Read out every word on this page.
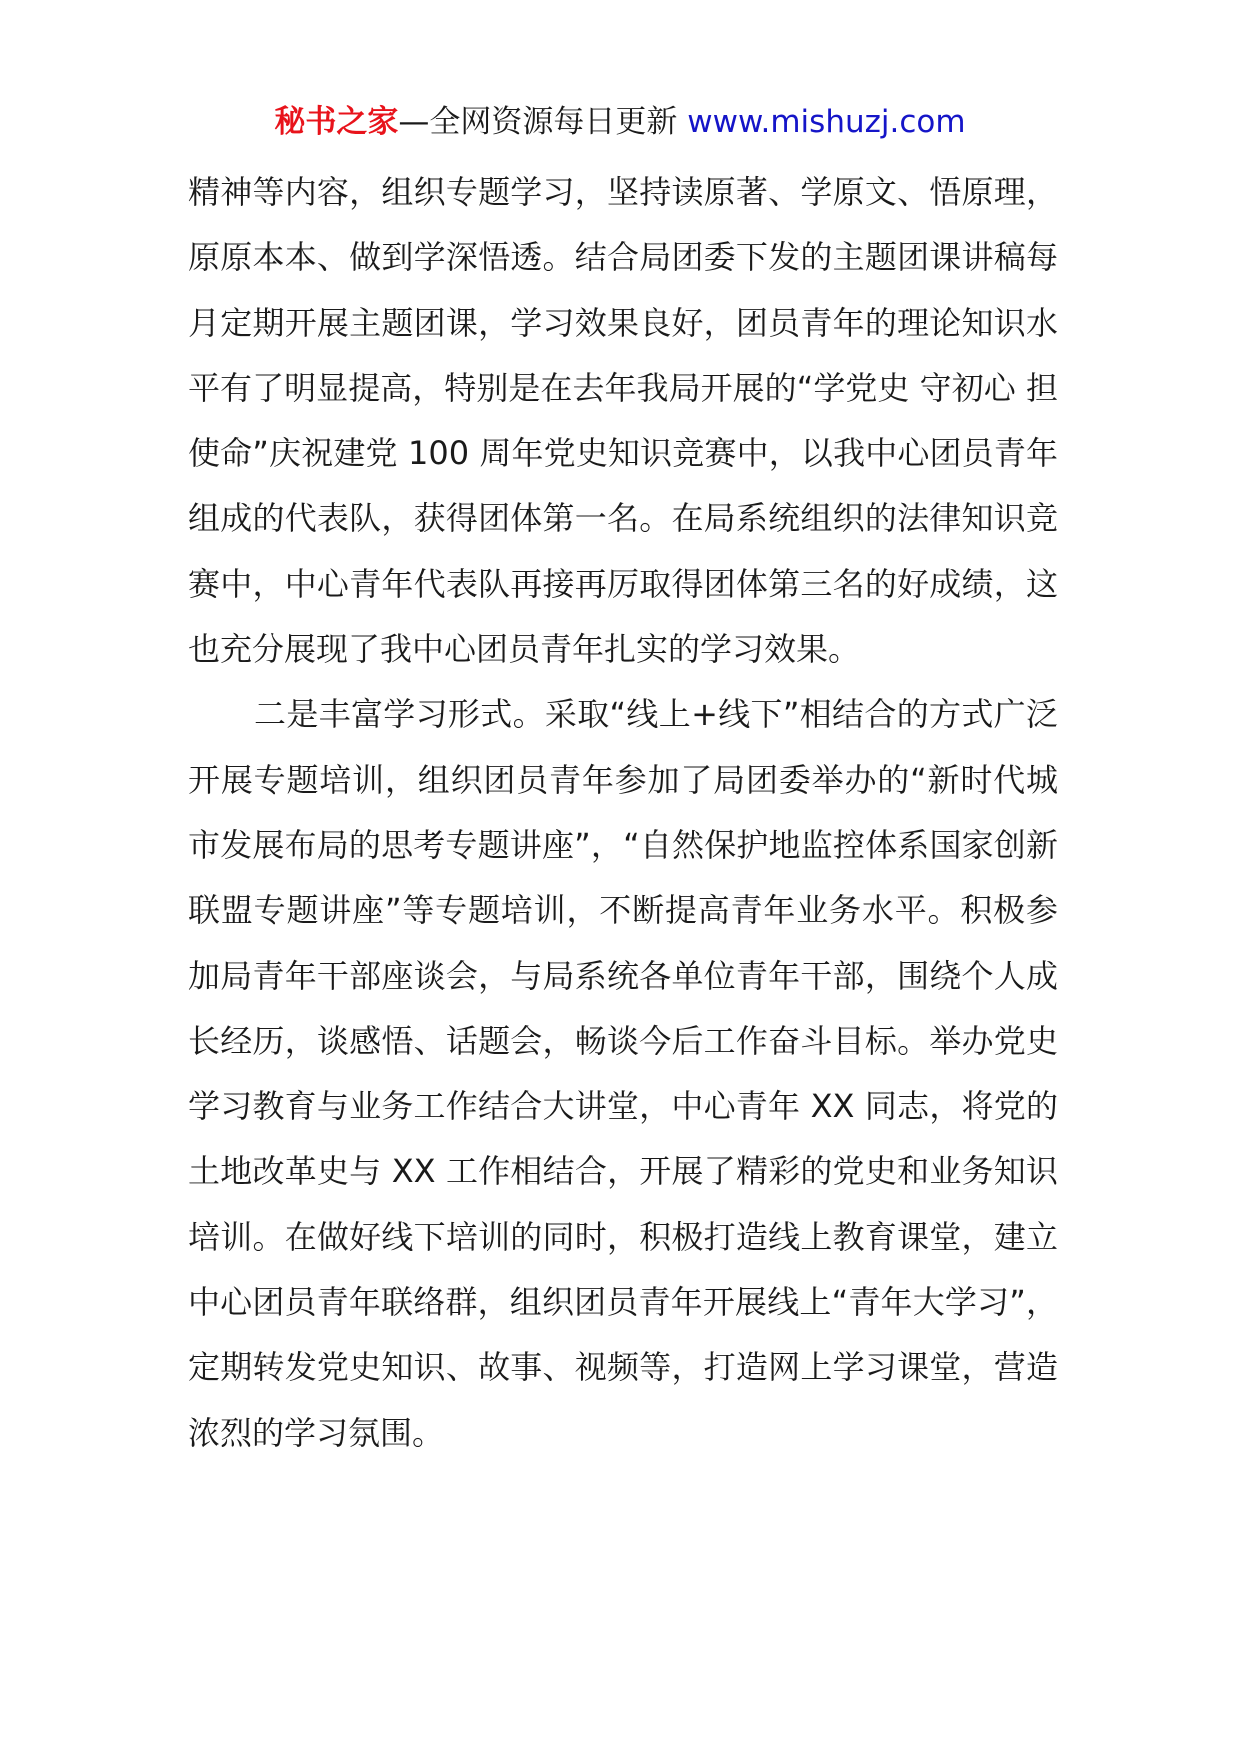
秘书之家—全网资源每日更新 www.mishuzj.com

精神等内容，组织专题学习，坚持读原著、学原文、悟原理，原原本本、做到学深悟透。结合局团委下发的主题团课讲稿每月定期开展主题团课，学习效果良好，团员青年的理论知识水平有了明显提高，特别是在去年我局开展的“学党史 守初心 担使命”庆祝建党 100 周年党史知识竞赛中，以我中心团员青年组成的代表队，获得团体第一名。在局系统组织的法律知识竞赛中，中心青年代表队再接再厉取得团体第三名的好成绩，这也充分展现了我中心团员青年扎实的学习效果。

二是丰富学习形式。采取“线上+线下”相结合的方式广泛开展专题培训，组织团员青年参加了局团委举办的“新时代城市发展布局的思考专题讲座”，“自然保护地监控体系国家创新联盟专题讲座”等专题培训，不断提高青年业务水平。积极参加局青年干部座谈会，与局系统各单位青年干部，围绕个人成长经历，谈感悟、话题会，畅谈今后工作奋斗目标。举办党史学习教育与业务工作结合大讲堂，中心青年 XX 同志，将党的土地改革史与 XX 工作相结合，开展了精彩的党史和业务知识培训。在做好线下培训的同时，积极打造线上教育课堂，建立中心团员青年联络群，组织团员青年开展线上“青年大学习”，定期转发党史知识、故事、视频等，打造网上学习课堂，营造浓烈的学习氛围。
